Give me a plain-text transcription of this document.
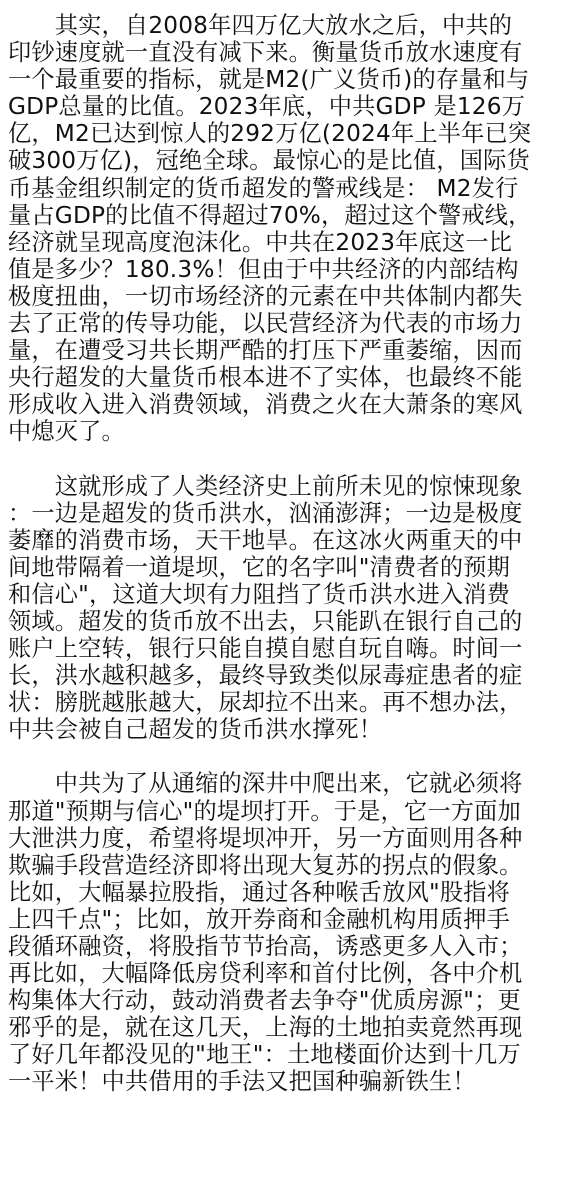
　　其实，自2008年四万亿大放水之后，中共的
印钞速度就一直没有减下来。衡量货币放水速度有
一个最重要的指标，就是M2(广义货币)的存量和与
GDP总量的比值。2023年底，中共GDP 是126万
亿，M2已达到惊人的292万亿(2024年上半年已突
破300万亿)，冠绝全球。最惊心的是比值，国际货
币基金组织制定的货币超发的警戒线是： M2发行
量占GDP的比值不得超过70%，超过这个警戒线，
经济就呈现高度泡沫化。中共在2023年底这一比
值是多少？180.3%！但由于中共经济的内部结构
极度扭曲，一切市场经济的元素在中共体制内都失
去了正常的传导功能，以民营经济为代表的市场力
量，在遭受习共长期严酷的打压下严重萎缩，因而
央行超发的大量货币根本进不了实体，也最终不能
形成收入进入消费领域，消费之火在大萧条的寒风
中熄灭了。
　　这就形成了人类经济史上前所未见的惊悚现象
：一边是超发的货币洪水，汹涌澎湃；一边是极度
萎靡的消费市场，天干地旱。在这冰火两重天的中
间地带隔着一道堤坝，它的名字叫"清费者的预期
和信心"，这道大坝有力阻挡了货币洪水进入消费
领域。超发的货币放不出去，只能趴在银行自己的
账户上空转，银行只能自摸自慰自玩自嗨。时间一
长，洪水越积越多，最终导致类似尿毒症患者的症
状：膀胱越胀越大，尿却拉不出来。再不想办法，
中共会被自己超发的货币洪水撑死！
　　中共为了从通缩的深井中爬出来，它就必须将
那道"预期与信心"的堤坝打开。于是，它一方面加
大泄洪力度，希望将堤坝冲开，另一方面则用各种
欺骗手段营造经济即将出现大复苏的拐点的假象。
比如，大幅暴拉股指，通过各种喉舌放风"股指将
上四千点"；比如，放开券商和金融机构用质押手
段循环融资，将股指节节抬高，诱惑更多人入市；
再比如，大幅降低房贷利率和首付比例，各中介机
构集体大行动，鼓动消费者去争夺"优质房源"；更
邪乎的是，就在这几天，上海的土地拍卖竟然再现
了好几年都没见的"地王"：土地楼面价达到十几万
一平米！中共借用的手法又把国种骗新铁生！
